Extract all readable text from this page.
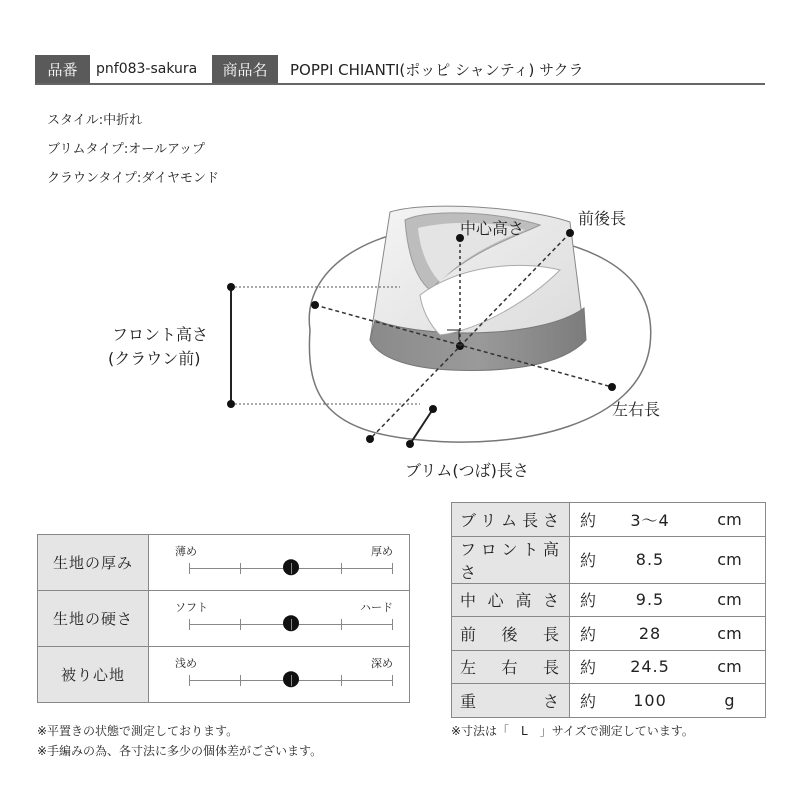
品番	pnf083-sakura	商品名	POPPI CHIANTI(ポッピ シャンティ) サクラ
スタイル:中折れ
ブリムタイプ:オールアップ
クラウンタイプ:ダイヤモンド
中心高さ
前後長
フロント高さ
(クラウン前)
左右長
ブリム(つば)長さ
生地の厚み	薄め 厚め

生地の硬さ	ソフト ハード

被り心地	浅め 深め
ブリム長さ	約 3〜4 cm

フロント高さ	約 8.5 cm

中心高さ	約 9.5 cm

前後長	約 28 cm

左右長	約 24.5 cm

重さ	約 100 g
※平置きの状態で測定しております。
※手編みの為、各寸法に多少の個体差がございます。
※寸法は「　L　」サイズで測定しています。
